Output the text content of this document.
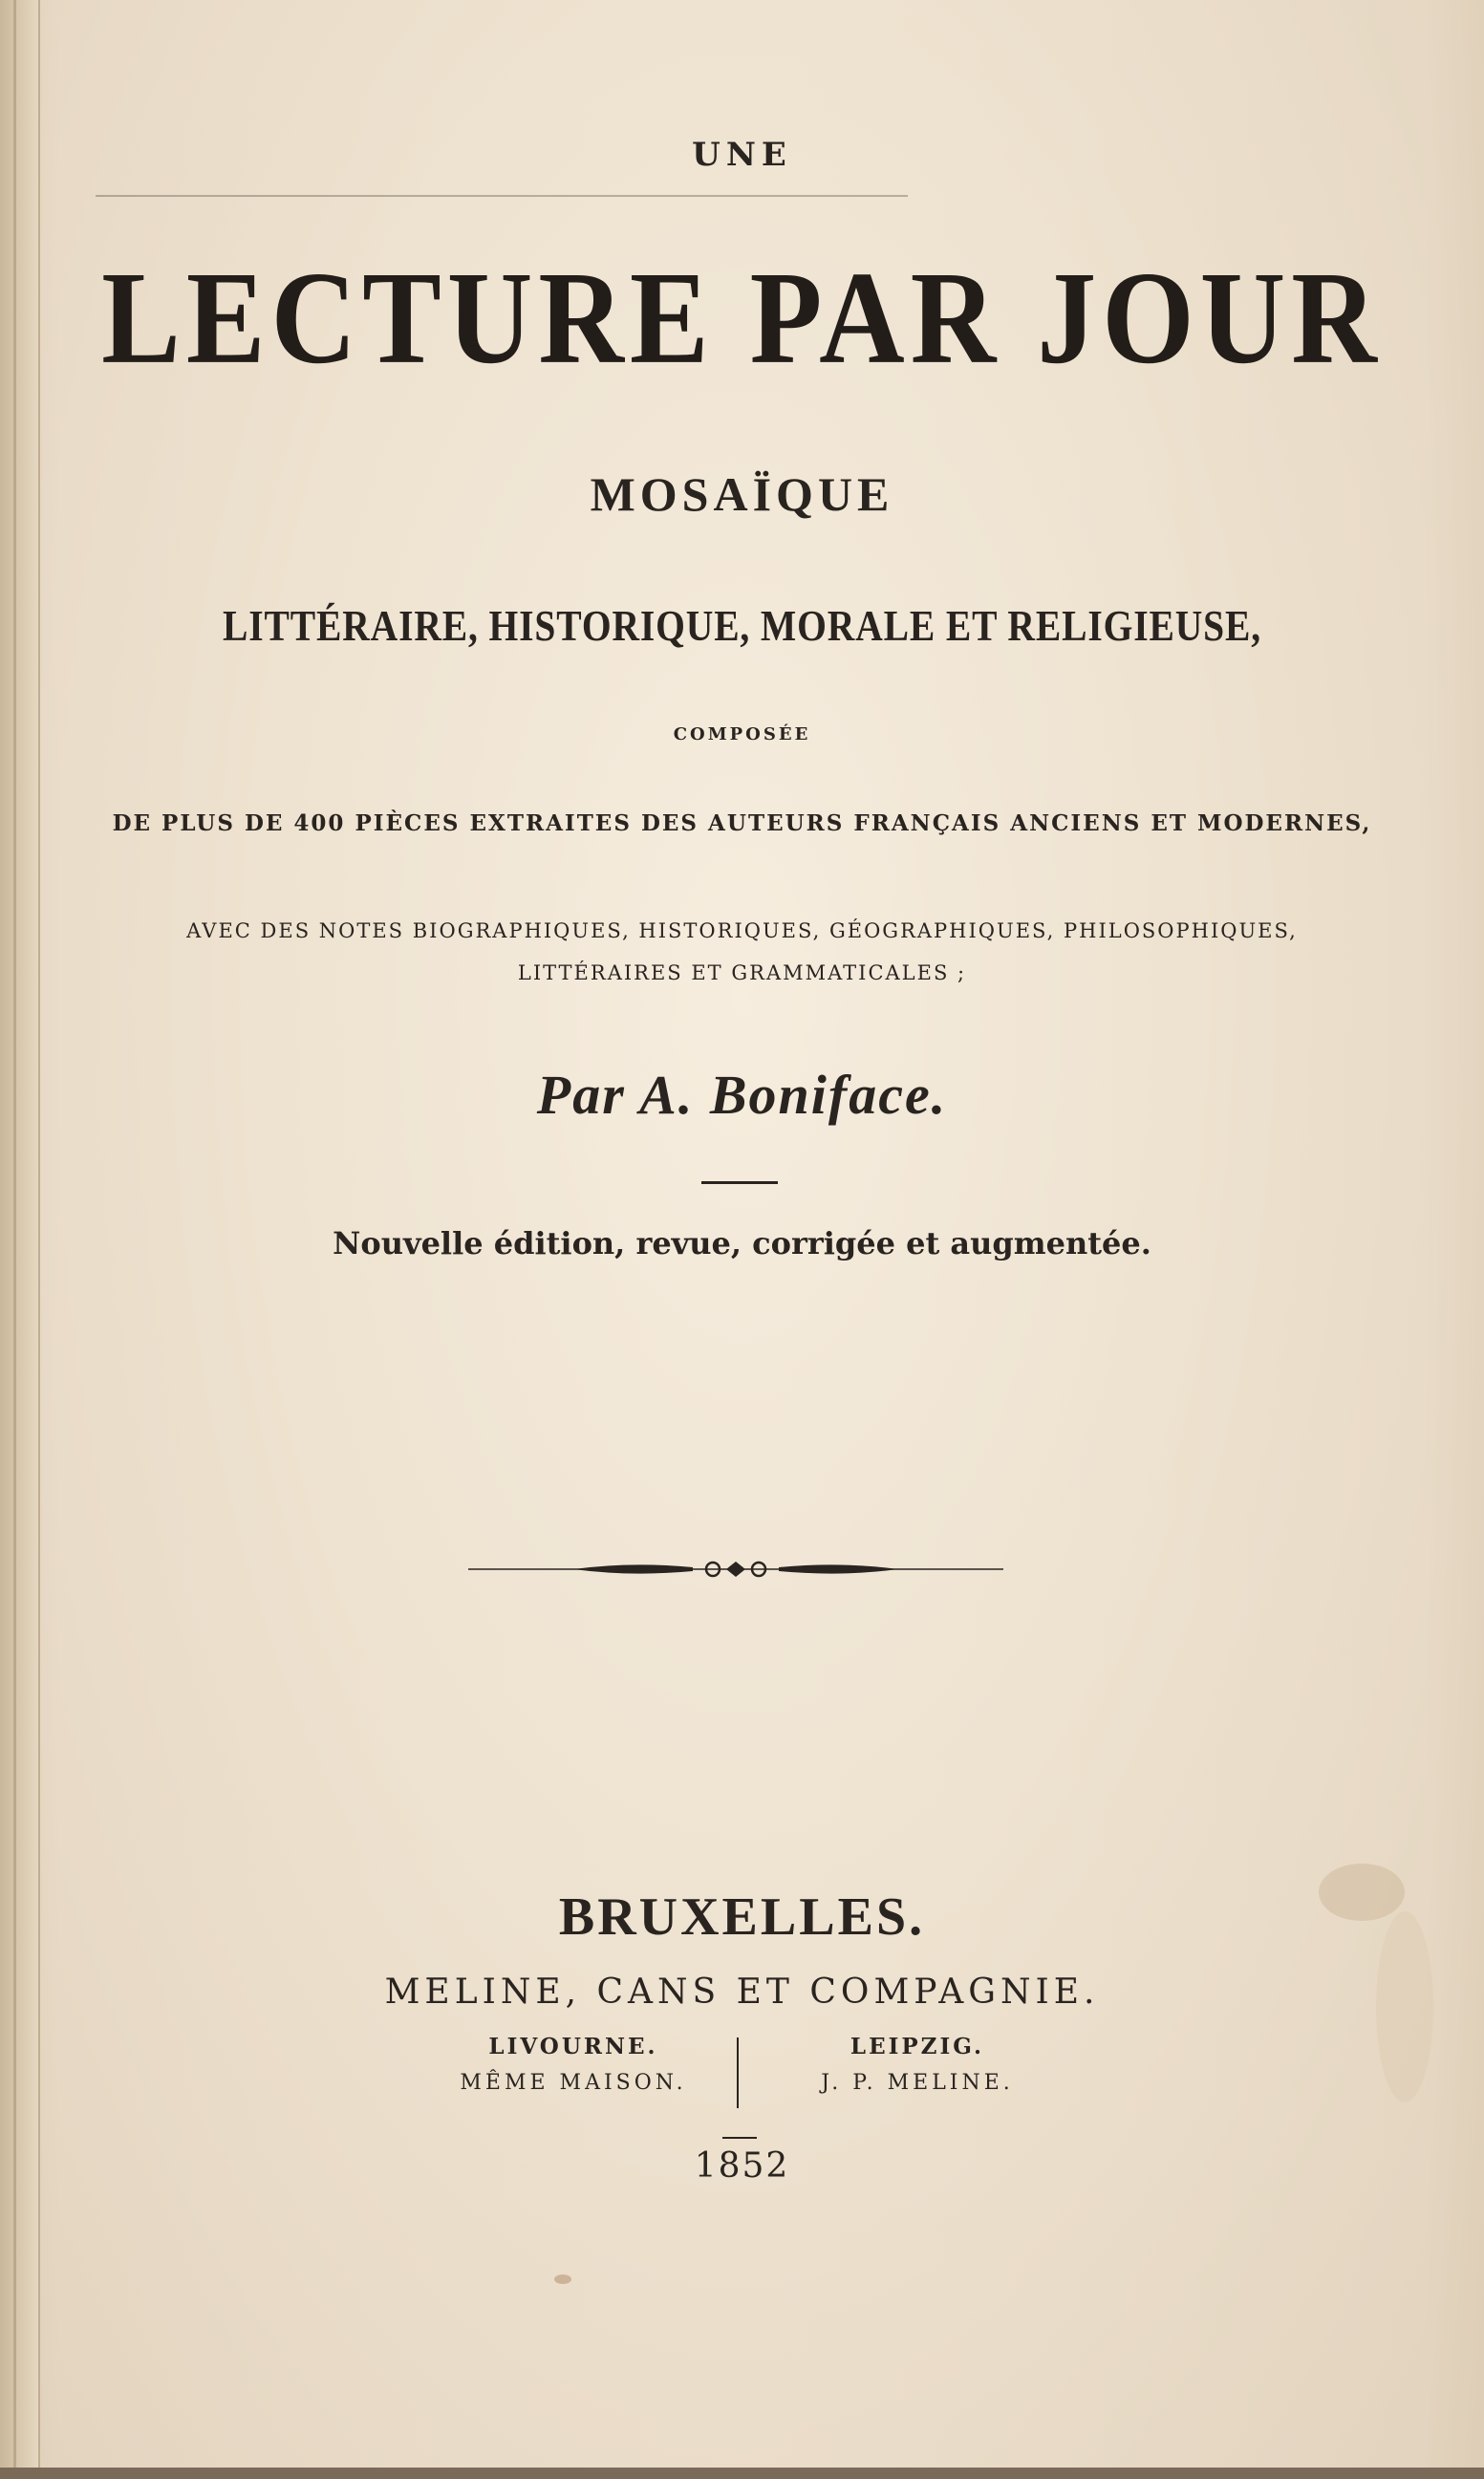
UNE
LECTURE PAR JOUR
MOSAÏQUE
LITTÉRAIRE, HISTORIQUE, MORALE ET RELIGIEUSE,
COMPOSÉE
DE PLUS DE 400 PIÈCES EXTRAITES DES AUTEURS FRANÇAIS ANCIENS ET MODERNES,
AVEC DES NOTES BIOGRAPHIQUES, HISTORIQUES, GÉOGRAPHIQUES, PHILOSOPHIQUES,
LITTÉRAIRES ET GRAMMATICALES ;
Par A. Boniface.
Nouvelle édition, revue, corrigée et augmentée.
BRUXELLES.
MELINE, CANS ET COMPAGNIE.
LIVOURNE.
MÊME MAISON.
LEIPZIG.
J. P. MELINE.
1852
